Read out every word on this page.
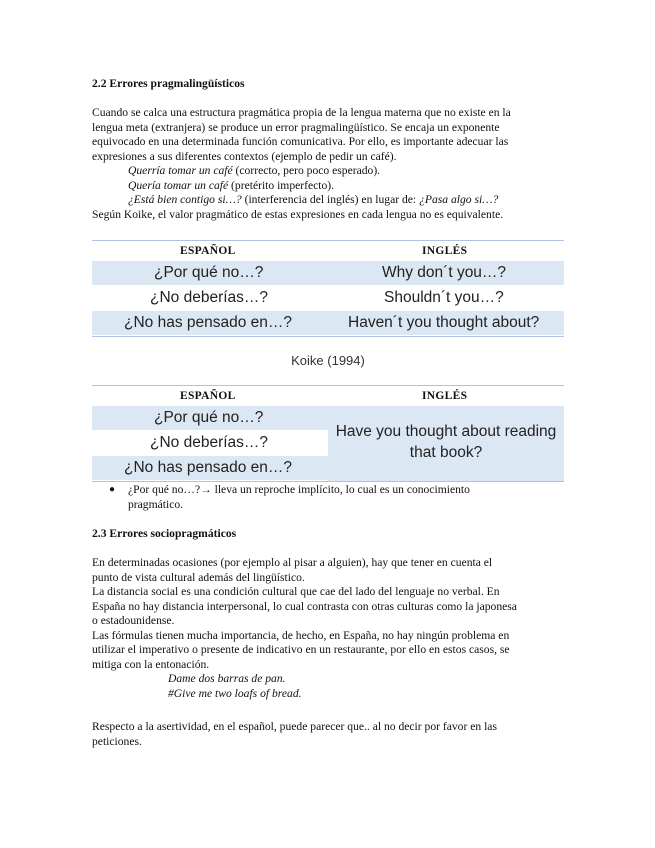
2.2 Errores pragmalingüísticos
Cuando se calca una estructura pragmática propia de la lengua materna que no existe en la
lengua meta (extranjera) se produce un error pragmalingüístico. Se encaja un exponente
equivocado en una determinada función comunicativa. Por ello, es importante adecuar las
expresiones a sus diferentes contextos (ejemplo de pedir un café).
Querría tomar un café (correcto, pero poco esperado).
Quería tomar un café (pretérito imperfecto).
¿Está bien contigo si…? (interferencia del inglés) en lugar de: ¿Pasa algo si…?
Según Koike, el valor pragmático de estas expresiones en cada lengua no es equivalente.
ESPAÑOL	INGLÉS
¿Por qué no…?	Why don´t you…?
¿No deberías…?	Shouldn´t you…?
¿No has pensado en…?	Haven´t you thought about?
Koike (1994)
ESPAÑOL	INGLÉS
¿Por qué no…?
¿No deberías…?
¿No has pensado en…?
Have you thought about reading
that book?
● ¿Por qué no…?→ lleva un reproche implícito, lo cual es un conocimiento
pragmático.
2.3 Errores sociopragmáticos
En determinadas ocasiones (por ejemplo al pisar a alguien), hay que tener en cuenta el
punto de vista cultural además del lingüístico.
La distancia social es una condición cultural que cae del lado del lenguaje no verbal. En
España no hay distancia interpersonal, lo cual contrasta con otras culturas como la japonesa
o estadounidense.
Las fórmulas tienen mucha importancia, de hecho, en España, no hay ningún problema en
utilizar el imperativo o presente de indicativo en un restaurante, por ello en estos casos, se
mitiga con la entonación.
Dame dos barras de pan.
#Give me two loafs of bread.
Respecto a la asertividad, en el español, puede parecer que.. al no decir por favor en las
peticiones.
